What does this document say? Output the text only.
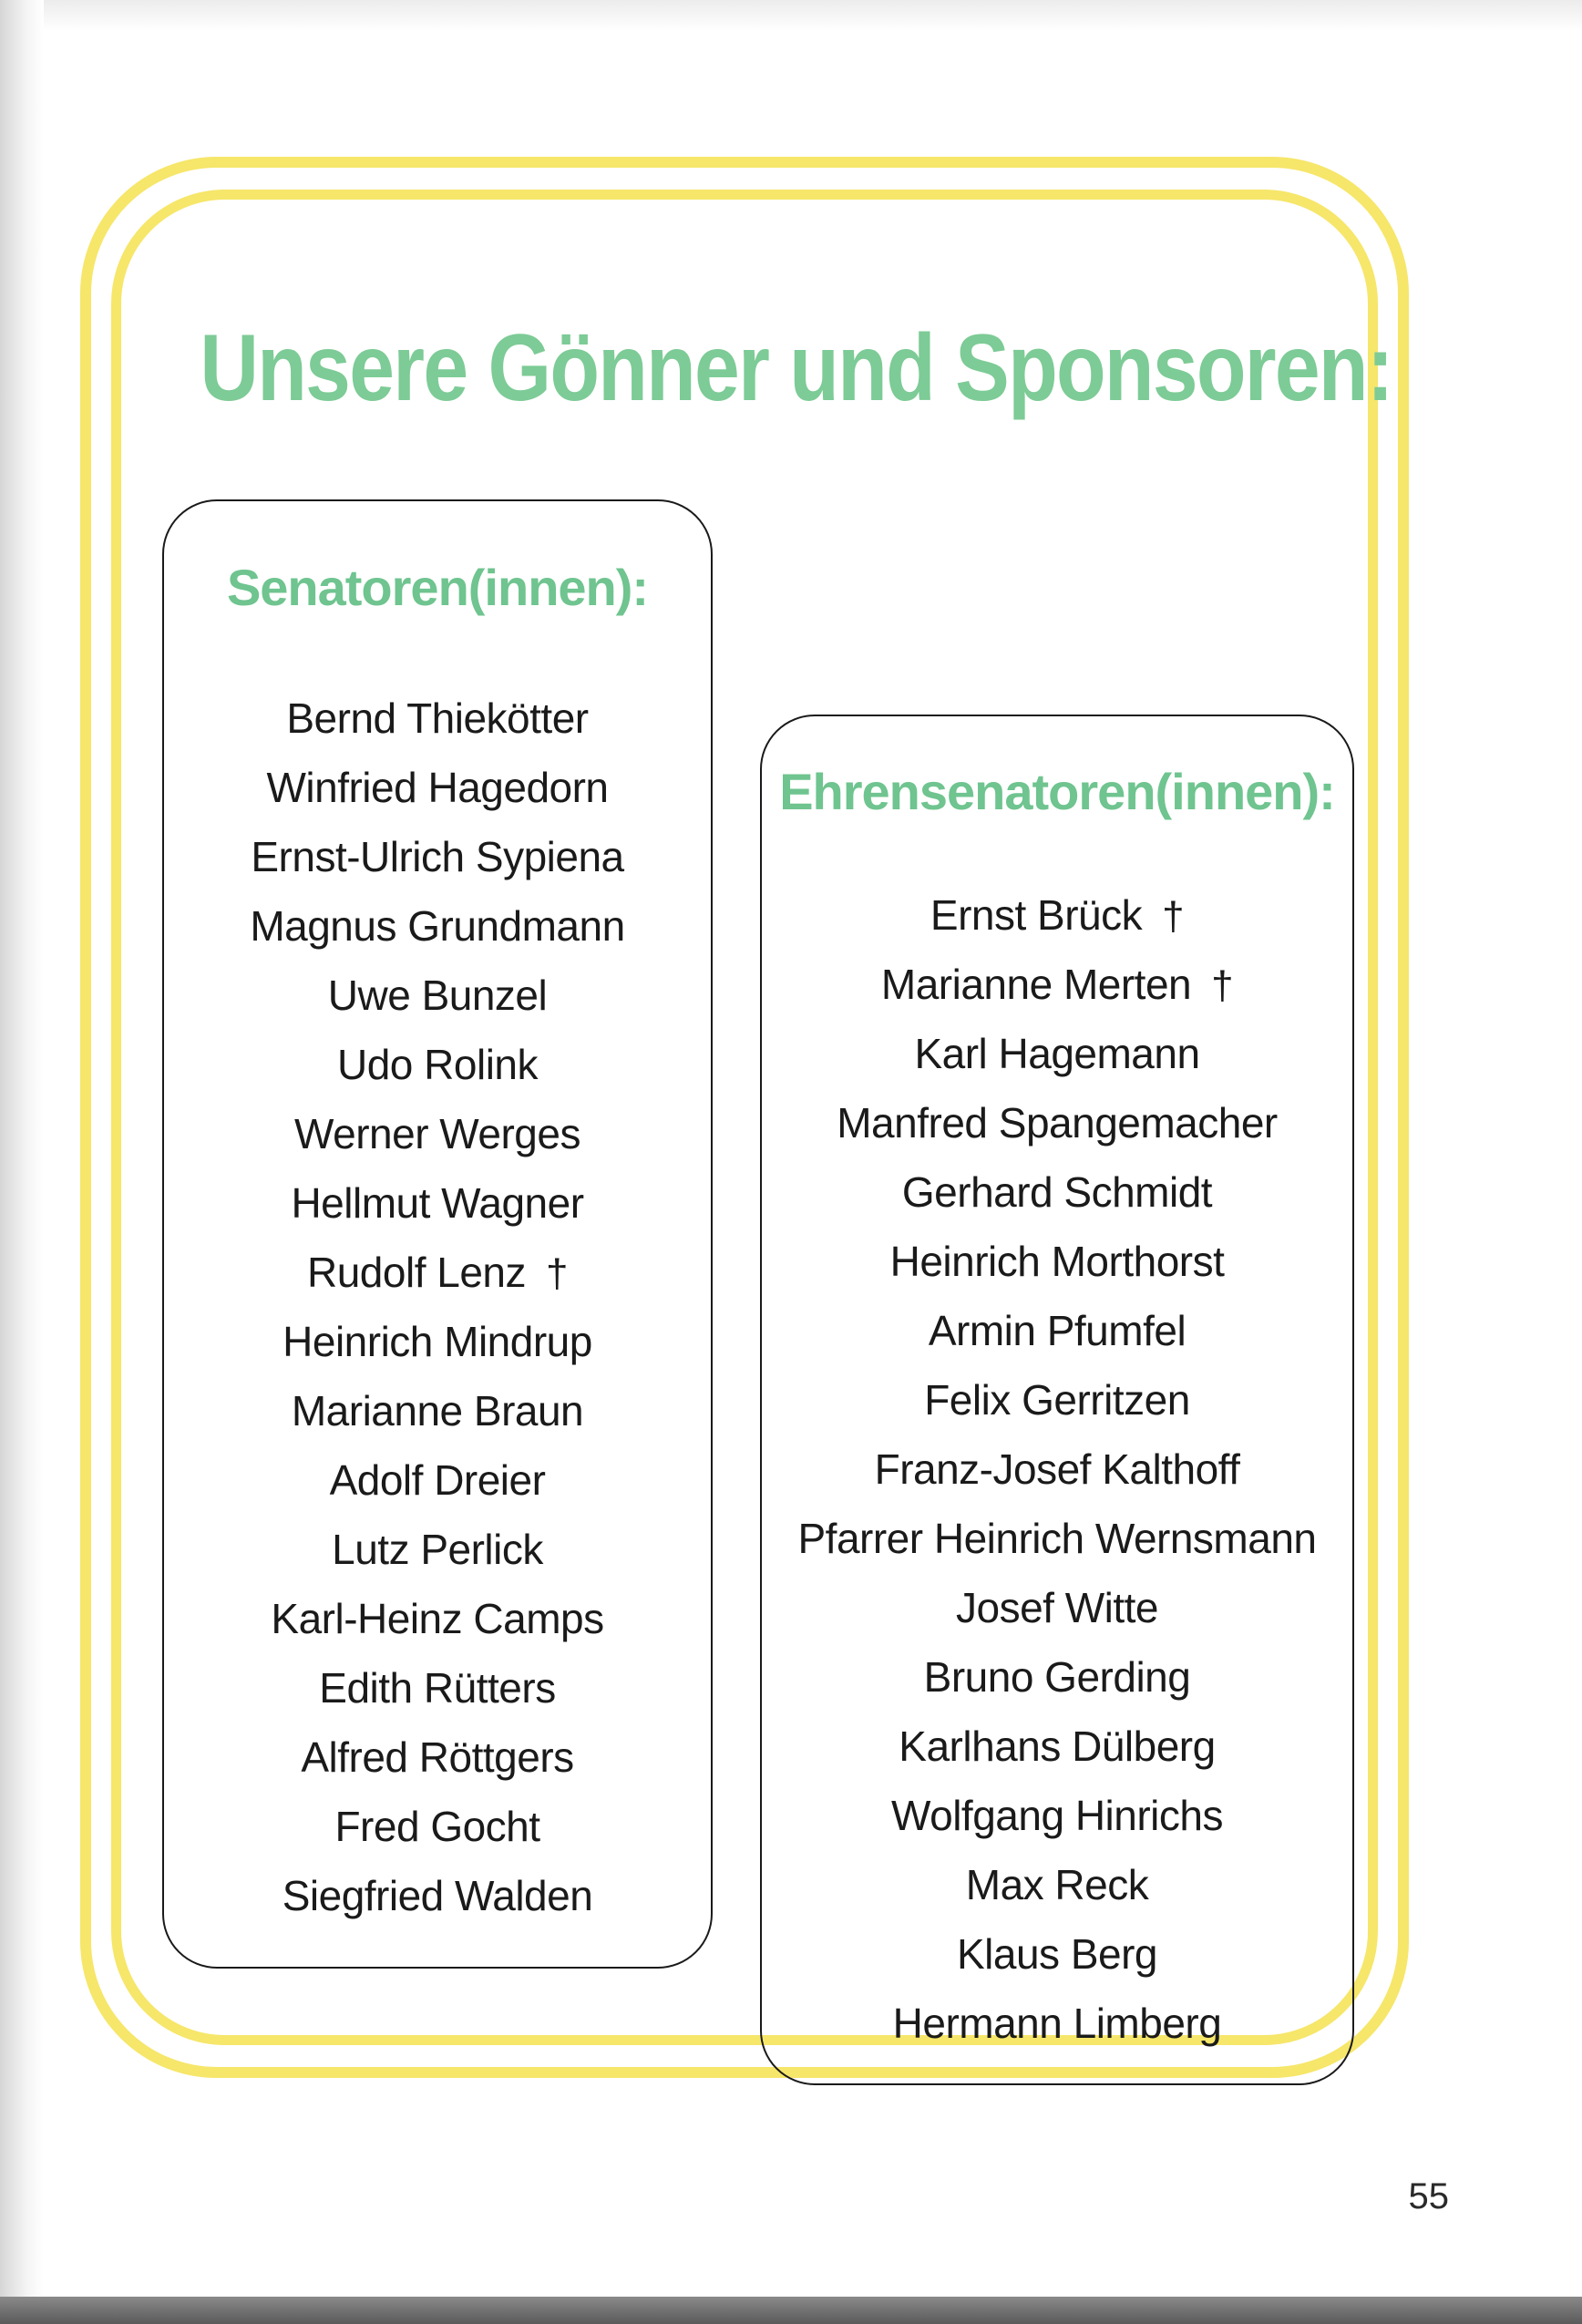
Unsere Gönner und Sponsoren:
Senatoren(innen):
Bernd Thiekötter
Winfried Hagedorn
Ernst-Ulrich Sypiena
Magnus Grundmann
Uwe Bunzel
Udo Rolink
Werner Werges
Hellmut Wagner
Rudolf Lenz †
Heinrich Mindrup
Marianne Braun
Adolf Dreier
Lutz Perlick
Karl-Heinz Camps
Edith Rütters
Alfred Röttgers
Fred Gocht
Siegfried Walden
Ehrensenatoren(innen):
Ernst Brück †
Marianne Merten †
Karl Hagemann
Manfred Spangemacher
Gerhard Schmidt
Heinrich Morthorst
Armin Pfumfel
Felix Gerritzen
Franz-Josef Kalthoff
Pfarrer Heinrich Wernsmann
Josef Witte
Bruno Gerding
Karlhans Dülberg
Wolfgang Hinrichs
Max Reck
Klaus Berg
Hermann Limberg
55
